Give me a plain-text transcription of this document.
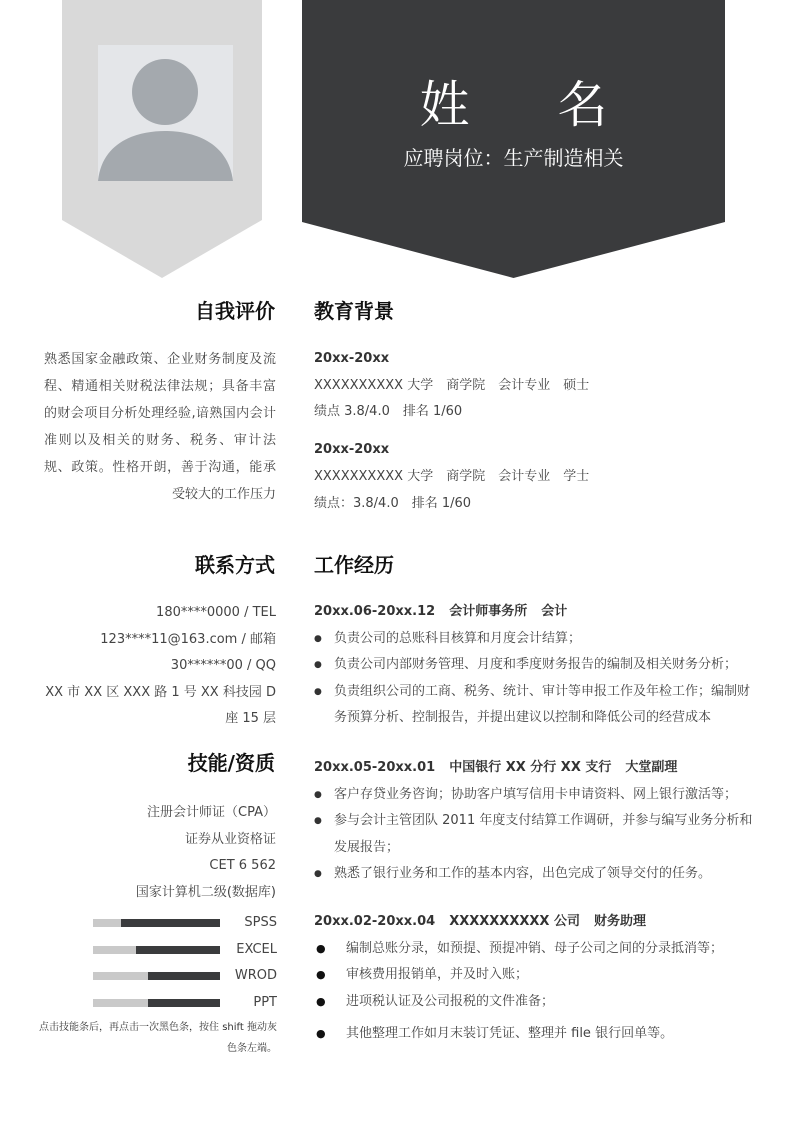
姓 名
应聘岗位：生产制造相关
自我评价
熟悉国家金融政策、企业财务制度及流程、精通相关财税法律法规；具备丰富的财会项目分析处理经验,谙熟国内会计准则以及相关的财务、税务、审计法规、政策。性格开朗，善于沟通，能承受较大的工作压力
联系方式
180****0000 / TEL
123****11@163.com / 邮箱
30******00 / QQ
XX 市 XX 区 XXX 路 1 号 XX 科技园 D 座 15 层
技能/资质
注册会计师证（CPA）
证券从业资格证
CET 6 562
国家计算机二级(数据库)
SPSS
EXCEL
WROD
PPT
点击技能条后，再点击一次黑色条，按住 shift 拖动灰色条左端。
教育背景
20xx-20xx
XXXXXXXXXX 大学　商学院　会计专业　硕士
绩点 3.8/4.0　排名 1/60
20xx-20xx
XXXXXXXXXX 大学　商学院　会计专业　学士
绩点：3.8/4.0　排名 1/60
工作经历
20xx.06-20xx.12 会计师事务所 会计
● 负责公司的总账科目核算和月度会计结算；
● 负责公司内部财务管理、月度和季度财务报告的编制及相关财务分析；
● 负责组织公司的工商、税务、统计、审计等申报工作及年检工作；编制财务预算分析、控制报告，并提出建议以控制和降低公司的经营成本
20xx.05-20xx.01 中国银行 XX 分行 XX 支行 大堂副理
● 客户存贷业务咨询；协助客户填写信用卡申请资料、网上银行激活等；
● 参与会计主管团队 2011 年度支付结算工作调研，并参与编写业务分析和发展报告；
● 熟悉了银行业务和工作的基本内容，出色完成了领导交付的任务。
20xx.02-20xx.04 XXXXXXXXXX 公司 财务助理
● 编制总账分录，如预提、预提冲销、母子公司之间的分录抵消等；
● 审核费用报销单，并及时入账；
● 进项税认证及公司报税的文件准备；
● 其他整理工作如月末装订凭证、整理并 file 银行回单等。
